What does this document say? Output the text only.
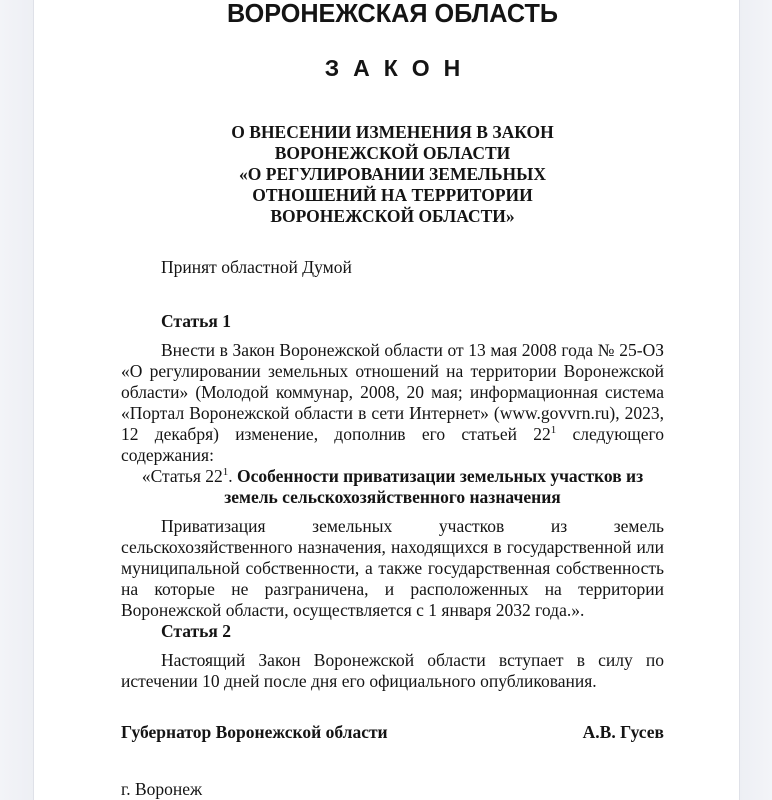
ВОРОНЕЖСКАЯ ОБЛАСТЬ
ЗАКОН
О ВНЕСЕНИИ ИЗМЕНЕНИЯ В ЗАКОН
ВОРОНЕЖСКОЙ ОБЛАСТИ
«О РЕГУЛИРОВАНИИ ЗЕМЕЛЬНЫХ
ОТНОШЕНИЙ НА ТЕРРИТОРИИ
ВОРОНЕЖСКОЙ ОБЛАСТИ»
Принят областной Думой
Статья 1
Внести в Закон Воронежской области от 13 мая 2008 года № 25-ОЗ «О регулировании земельных отношений на территории Воронежской области» (Молодой коммунар, 2008, 20 мая; информационная система «Портал Воронежской области в сети Интернет» (www.govvrn.ru), 2023, 12 декабря) изменение, дополнив его статьей $22^1$ следующего содержания:
«Статья $22^1$. Особенности приватизации земельных участков из
земель сельскохозяйственного назначения
Приватизация земельных участков из земель сельскохозяйственного назначения, находящихся в государственной или муниципальной собственности, а также государственная собственность на которые не разграничена, и расположенных на территории Воронежской области, осуществляется с 1 января 2032 года.».
Статья 2
Настоящий Закон Воронежской области вступает в силу по истечении 10 дней после дня его официального опубликования.
Губернатор Воронежской области	А.В. Гусев
г. Воронеж
